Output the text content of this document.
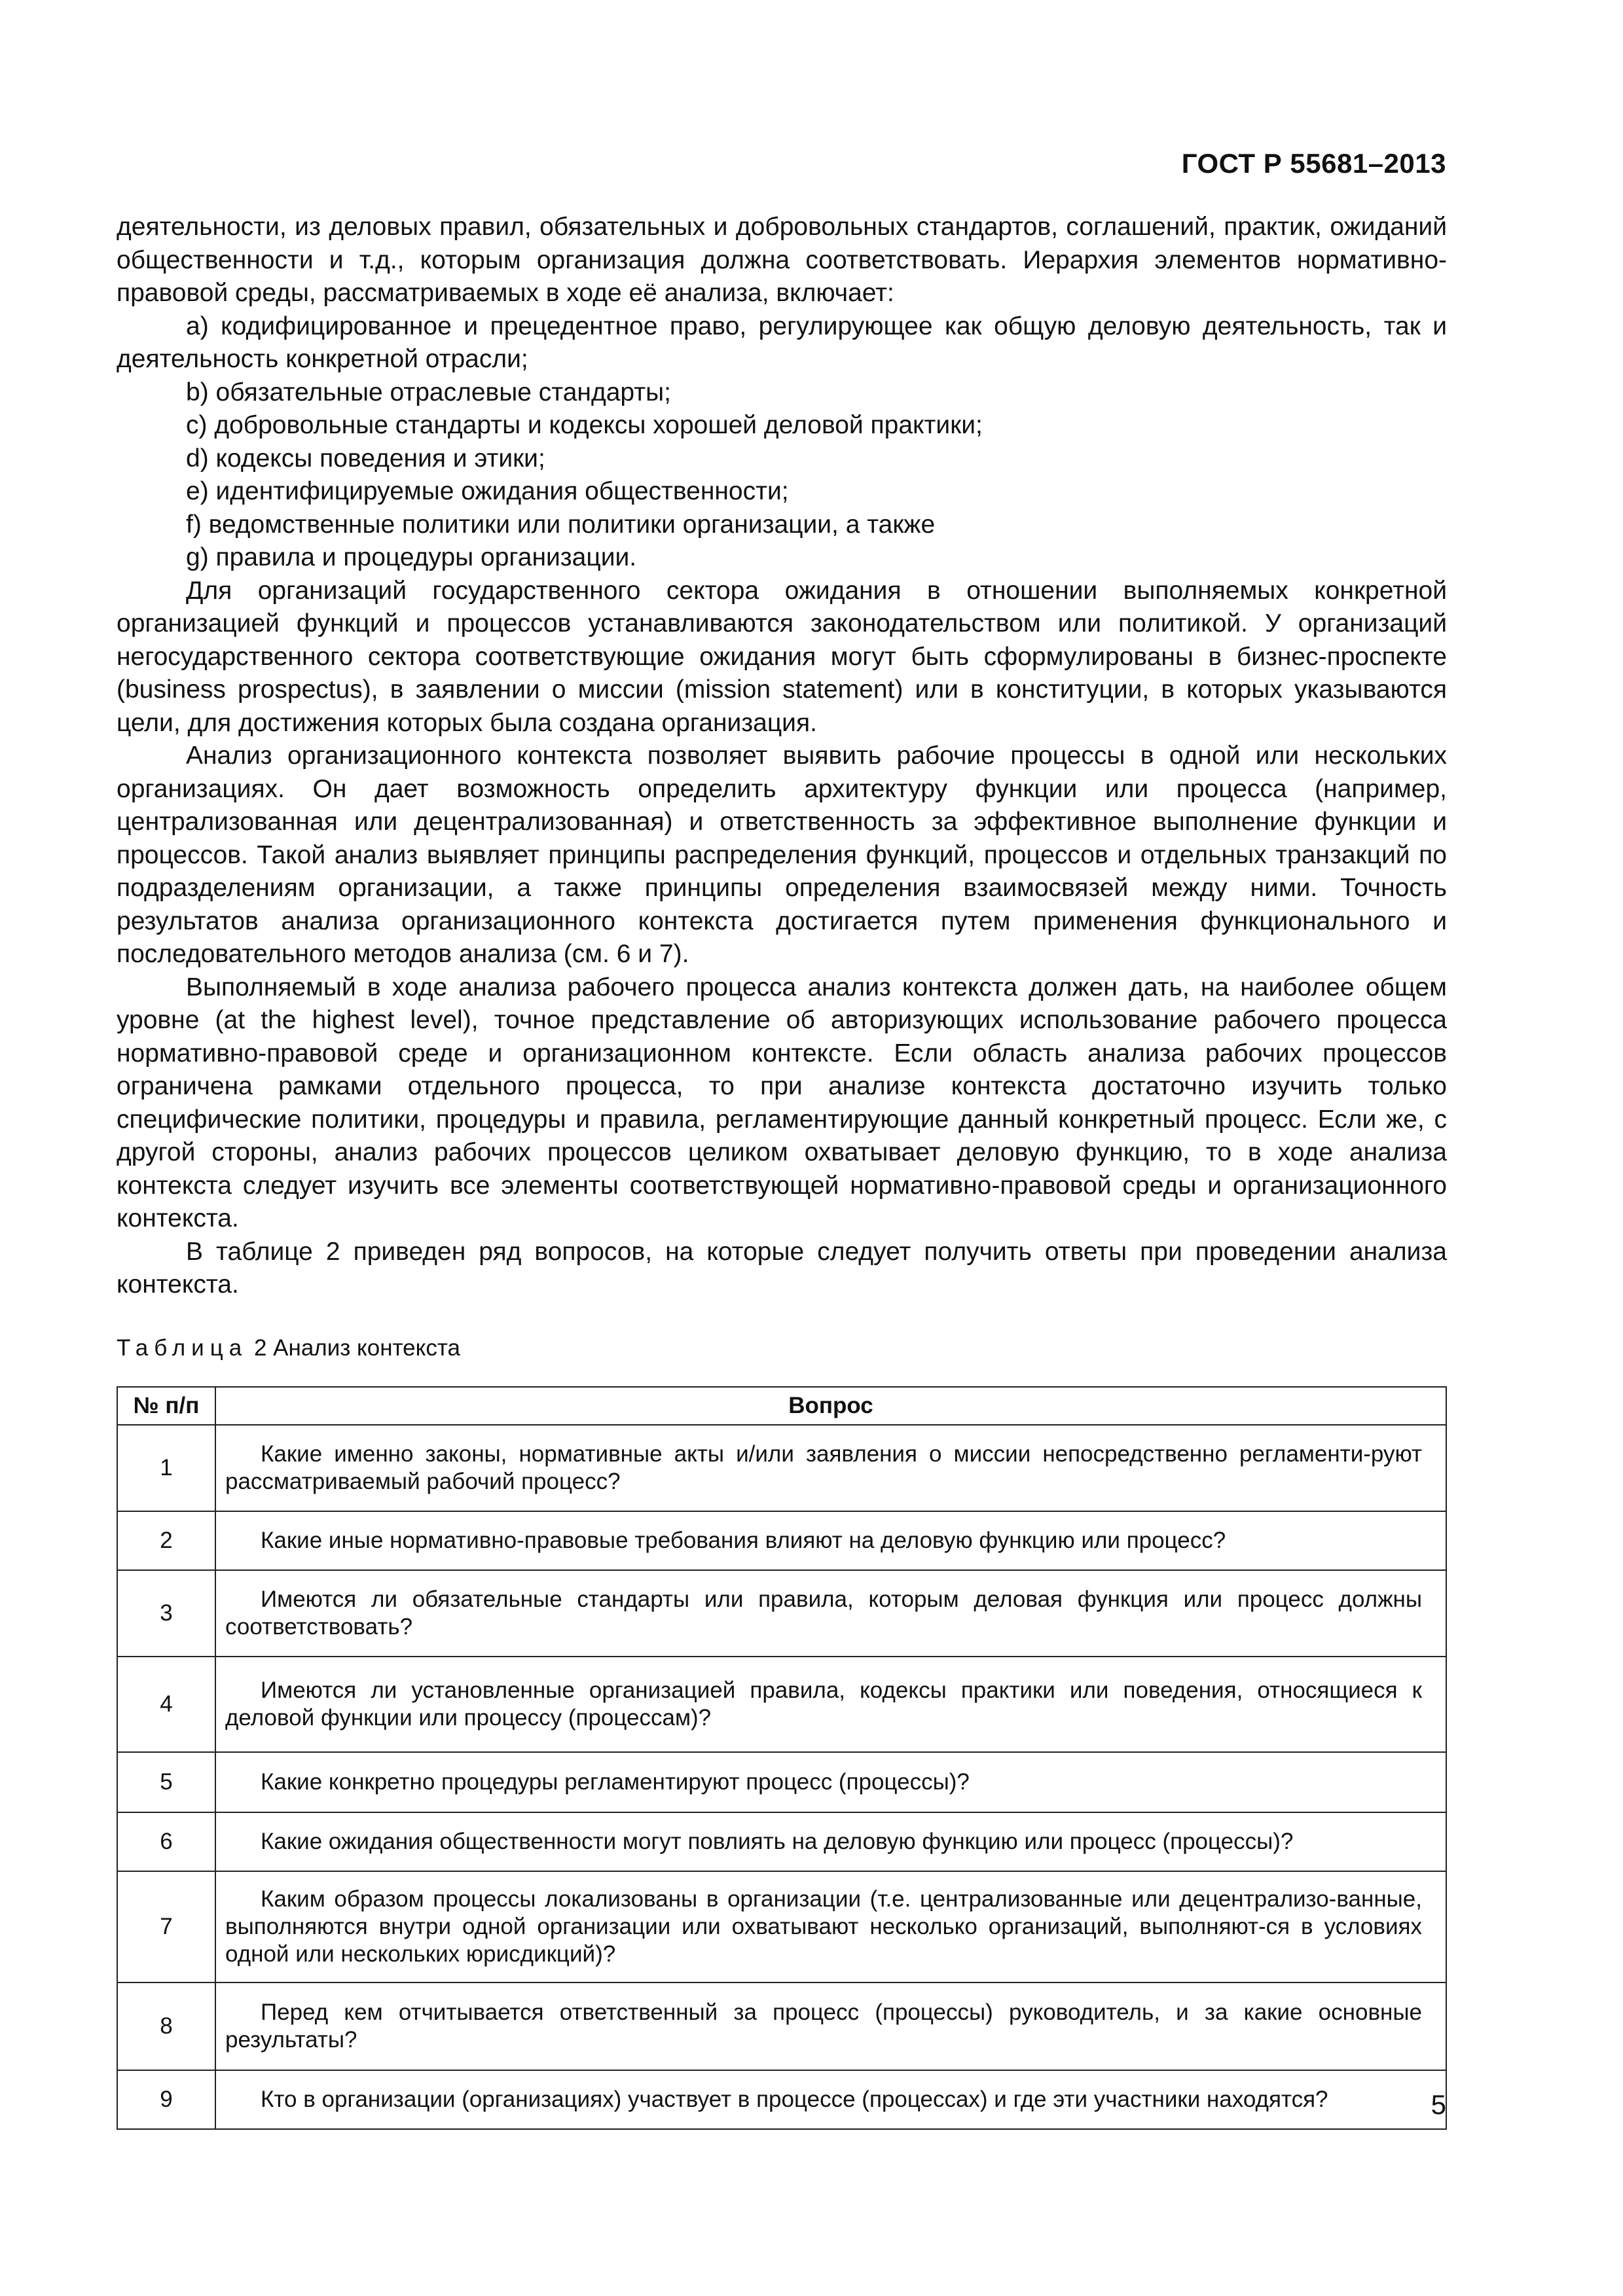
ГОСТ Р 55681–2013

деятельности, из деловых правил, обязательных и добровольных стандартов, соглашений, практик, ожиданий общественности и т.д., которым организация должна соответствовать. Иерархия элементов нормативно-правовой среды, рассматриваемых в ходе её анализа, включает:

a) кодифицированное и прецедентное право, регулирующее как общую деловую деятельность, так и деятельность конкретной отрасли;

b) обязательные отраслевые стандарты;

c) добровольные стандарты и кодексы хорошей деловой практики;

d) кодексы поведения и этики;

e) идентифицируемые ожидания общественности;

f) ведомственные политики или политики организации, а также

g) правила и процедуры организации.

Для организаций государственного сектора ожидания в отношении выполняемых конкретной организацией функций и процессов устанавливаются законодательством или политикой. У организаций негосударственного сектора соответствующие ожидания могут быть сформулированы в бизнес-проспекте (business prospectus), в заявлении о миссии (mission statement) или в конституции, в которых указываются цели, для достижения которых была создана организация.

Анализ организационного контекста позволяет выявить рабочие процессы в одной или нескольких организациях. Он дает возможность определить архитектуру функции или процесса (например, централизованная или децентрализованная) и ответственность за эффективное выполнение функции и процессов. Такой анализ выявляет принципы распределения функций, процессов и отдельных транзакций по подразделениям организации, а также принципы определения взаимосвязей между ними. Точность результатов анализа организационного контекста достигается путем применения функционального и последовательного методов анализа (см. 6 и 7).

Выполняемый в ходе анализа рабочего процесса анализ контекста должен дать, на наиболее общем уровне (at the highest level), точное представление об авторизующих использование рабочего процесса нормативно-правовой среде и организационном контексте. Если область анализа рабочих процессов ограничена рамками отдельного процесса, то при анализе контекста достаточно изучить только специфические политики, процедуры и правила, регламентирующие данный конкретный процесс. Если же, с другой стороны, анализ рабочих процессов целиком охватывает деловую функцию, то в ходе анализа контекста следует изучить все элементы соответствующей нормативно-правовой среды и организационного контекста.

В таблице 2 приведен ряд вопросов, на которые следует получить ответы при проведении анализа контекста.

Таблица 2 Анализ контекста
№ п/п	Вопрос
1	Какие именно законы, нормативные акты и/или заявления о миссии непосредственно регламенти-руют рассматриваемый рабочий процесс?
2	Какие иные нормативно-правовые требования влияют на деловую функцию или процесс?
3	Имеются ли обязательные стандарты или правила, которым деловая функция или процесс должны соответствовать?
4	Имеются ли установленные организацией правила, кодексы практики или поведения, относящиеся к деловой функции или процессу (процессам)?
5	Какие конкретно процедуры регламентируют процесс (процессы)?
6	Какие ожидания общественности могут повлиять на деловую функцию или процесс (процессы)?
7	Каким образом процессы локализованы в организации (т.е. централизованные или децентрализо-ванные, выполняются внутри одной организации или охватывают несколько организаций, выполняют-ся в условиях одной или нескольких юрисдикций)?
8	Перед кем отчитывается ответственный за процесс (процессы) руководитель, и за какие основные результаты?
9	Кто в организации (организациях) участвует в процессе (процессах) и где эти участники находятся?	5
